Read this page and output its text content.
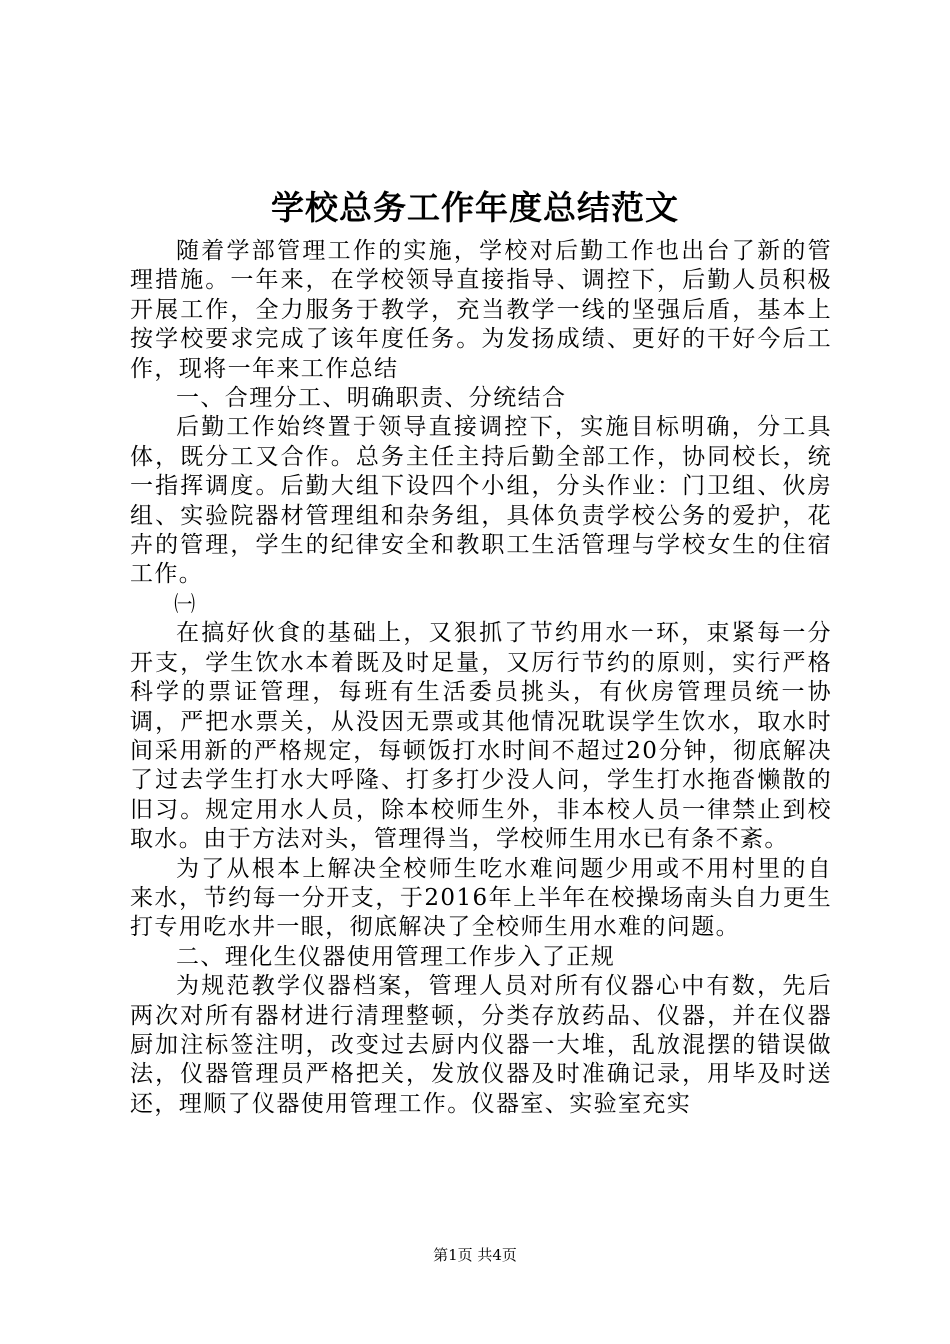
学校总务工作年度总结范文

随着学部管理工作的实施，学校对后勤工作也出台了新的管理措施。一年来，在学校领导直接指导、调控下，后勤人员积极开展工作，全力服务于教学，充当教学一线的坚强后盾，基本上按学校要求完成了该年度任务。为发扬成绩、更好的干好今后工作，现将一年来工作总结

一、合理分工、明确职责、分统结合

后勤工作始终置于领导直接调控下，实施目标明确，分工具体，既分工又合作。总务主任主持后勤全部工作，协同校长，统一指挥调度。后勤大组下设四个小组，分头作业：门卫组、伙房组、实验院器材管理组和杂务组，具体负责学校公务的爱护，花卉的管理，学生的纪律安全和教职工生活管理与学校女生的住宿工作。

㈠

在搞好伙食的基础上，又狠抓了节约用水一环，束紧每一分开支，学生饮水本着既及时足量，又厉行节约的原则，实行严格科学的票证管理，每班有生活委员挑头，有伙房管理员统一协调，严把水票关，从没因无票或其他情况耽误学生饮水，取水时间采用新的严格规定，每顿饭打水时间不超过20分钟，彻底解决了过去学生打水大呼隆、打多打少没人问，学生打水拖沓懒散的旧习。规定用水人员，除本校师生外，非本校人员一律禁止到校取水。由于方法对头，管理得当，学校师生用水已有条不紊。

为了从根本上解决全校师生吃水难问题少用或不用村里的自来水，节约每一分开支，于2016年上半年在校操场南头自力更生打专用吃水井一眼，彻底解决了全校师生用水难的问题。

二、理化生仪器使用管理工作步入了正规

为规范教学仪器档案，管理人员对所有仪器心中有数，先后两次对所有器材进行清理整顿，分类存放药品、仪器，并在仪器厨加注标签注明，改变过去厨内仪器一大堆，乱放混摆的错误做法，仪器管理员严格把关，发放仪器及时准确记录，用毕及时送还，理顺了仪器使用管理工作。仪器室、实验室充实

第1页 共4页
